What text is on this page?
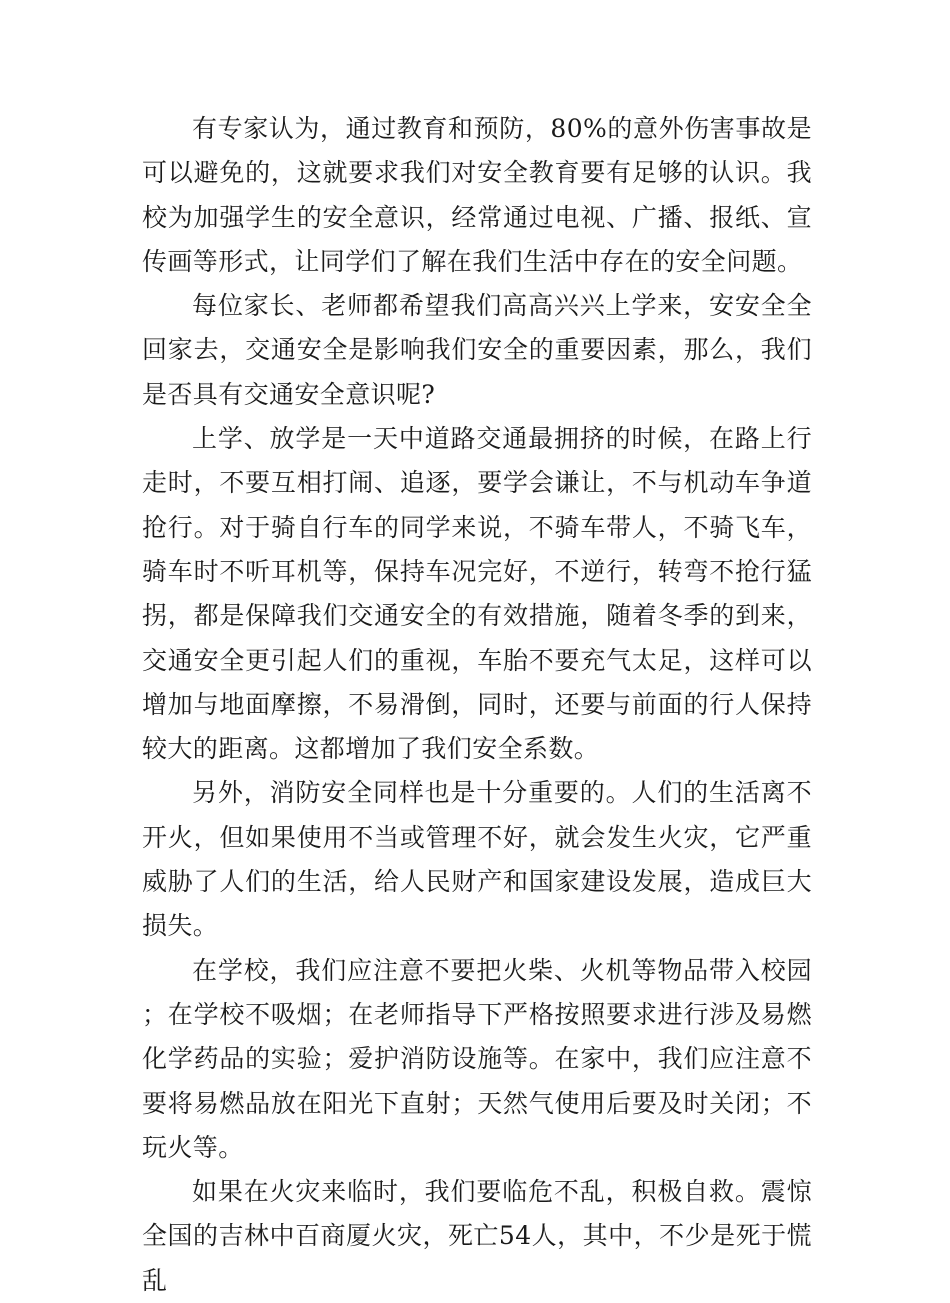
有专家认为，通过教育和预防，80%的意外伤害事故是可以避免的，这就要求我们对安全教育要有足够的认识。我校为加强学生的安全意识，经常通过电视、广播、报纸、宣传画等形式，让同学们了解在我们生活中存在的安全问题。

每位家长、老师都希望我们高高兴兴上学来，安安全全回家去，交通安全是影响我们安全的重要因素，那么，我们是否具有交通安全意识呢?

上学、放学是一天中道路交通最拥挤的时候，在路上行走时，不要互相打闹、追逐，要学会谦让，不与机动车争道抢行。对于骑自行车的同学来说，不骑车带人，不骑飞车，骑车时不听耳机等，保持车况完好，不逆行，转弯不抢行猛拐，都是保障我们交通安全的有效措施，随着冬季的到来，交通安全更引起人们的重视，车胎不要充气太足，这样可以增加与地面摩擦，不易滑倒，同时，还要与前面的行人保持较大的距离。这都增加了我们安全系数。

另外，消防安全同样也是十分重要的。人们的生活离不开火，但如果使用不当或管理不好，就会发生火灾，它严重威胁了人们的生活，给人民财产和国家建设发展，造成巨大损失。

在学校，我们应注意不要把火柴、火机等物品带入校园；在学校不吸烟；在老师指导下严格按照要求进行涉及易燃化学药品的实验；爱护消防设施等。在家中，我们应注意不要将易燃品放在阳光下直射；天然气使用后要及时关闭；不玩火等。

如果在火灾来临时，我们要临危不乱，积极自救。震惊全国的吉林中百商厦火灾，死亡54人，其中，不少是死于慌乱
